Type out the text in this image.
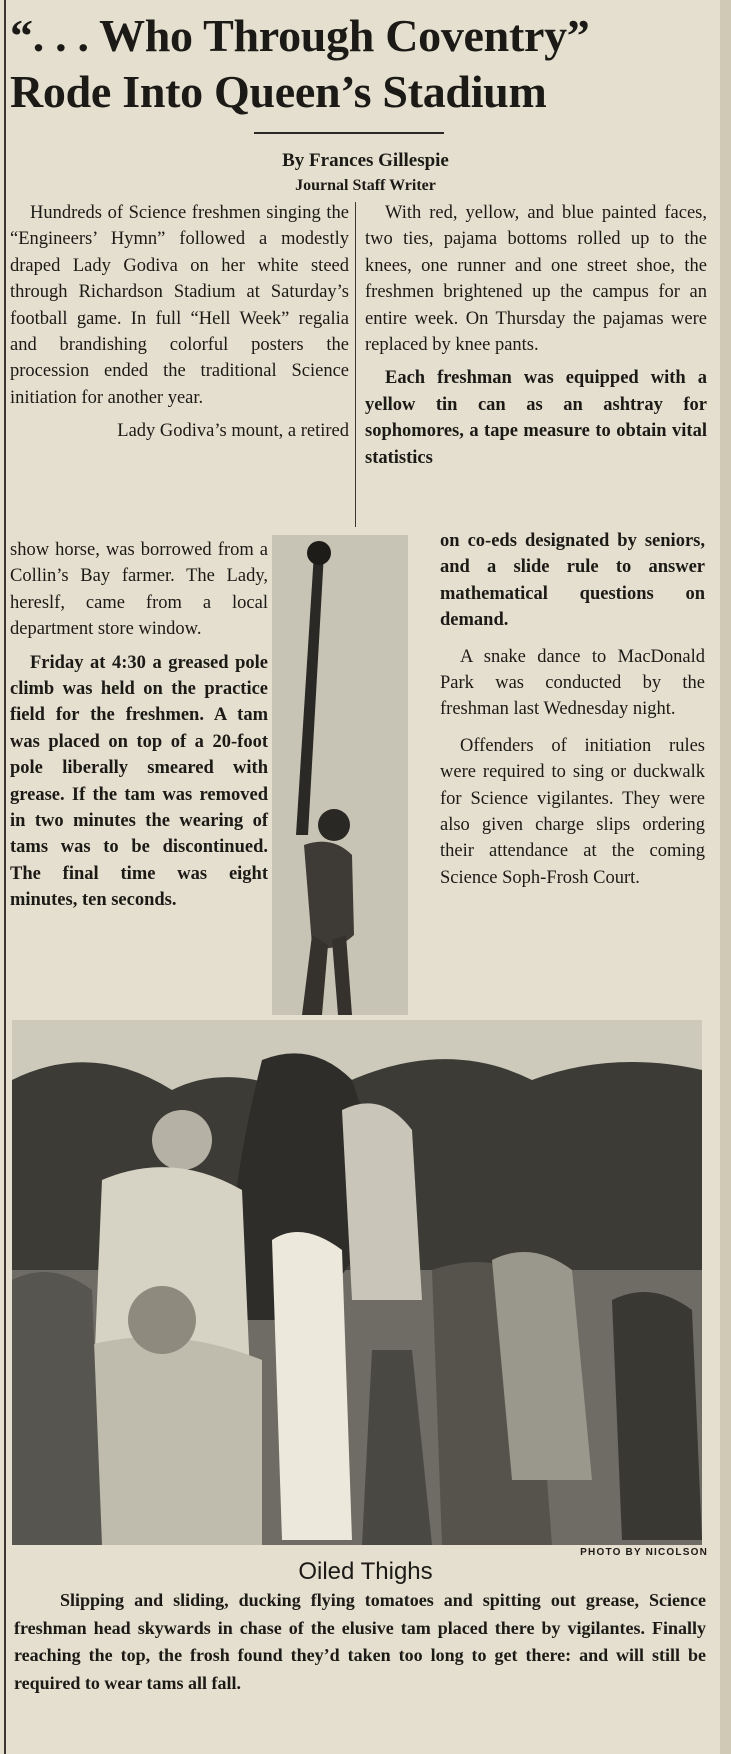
“. . . Who Through Coventry”
Rode Into Queen’s Stadium
By Frances Gillespie
Journal Staff Writer

Hundreds of Science freshmen singing the “Engineers’ Hymn” followed a modestly draped Lady Godiva on her white steed through Richardson Stadium at Saturday’s football game. In full “Hell Week” regalia and brandishing colorful posters the procession ended the traditional Science initiation for another year.

Lady Godiva’s mount, a retired

With red, yellow, and blue painted faces, two ties, pajama bottoms rolled up to the knees, one runner and one street shoe, the freshmen brightened up the campus for an entire week. On Thursday the pajamas were replaced by knee pants.

Each freshman was equipped with a yellow tin can as an ashtray for sophomores, a tape measure to obtain vital statistics

show horse, was borrowed from a Collin’s Bay farmer. The Lady, hereslf, came from a local department store window.

Friday at 4:30 a greased pole climb was held on the practice field for the freshmen. A tam was placed on top of a 20-foot pole liberally smeared with grease. If the tam was removed in two minutes the wearing of tams was to be discontinued. The final time was eight minutes, ten seconds.

on co-eds designated by seniors, and a slide rule to answer mathematical questions on demand.

A snake dance to MacDonald Park was conducted by the freshman last Wednesday night.

Offenders of initiation rules were required to sing or duckwalk for Science vigilantes. They were also given charge slips ordering their attendance at the coming Science Soph-Frosh Court.

PHOTO BY NICOLSON
Oiled Thighs

Slipping and sliding, ducking flying tomatoes and spitting out grease, Science freshman head skywards in chase of the elusive tam placed there by vigilantes. Finally reaching the top, the frosh found they’d taken too long to get there: and will still be required to wear tams all fall.
